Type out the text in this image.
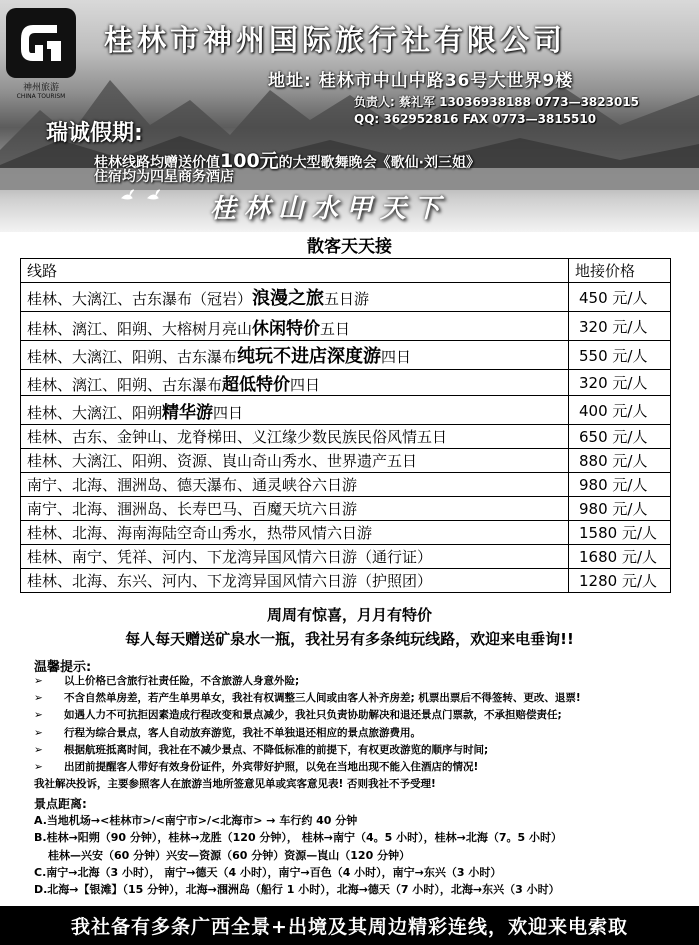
神州旅游
CHINA TOURISM
桂林市神州国际旅行社有限公司
地址: 桂林市中山中路36号大世界9楼
负责人: 蔡礼军 13036938188 0773—3823015
QQ: 362952816 FAX 0773—3815510
瑞诚假期:
桂林线路均赠送价值100元的大型歌舞晚会《歌仙·刘三姐》
住宿均为四星商务酒店
桂林山水甲天下
散客天天接
线路	地接价格
桂林、大漓江、古东瀑布（冠岩）浪漫之旅五日游	450 元/人
桂林、漓江、阳朔、大榕树月亮山休闲特价五日	320 元/人
桂林、大漓江、阳朔、古东瀑布纯玩不进店深度游四日	550 元/人
桂林、漓江、阳朔、古东瀑布超低特价四日	320 元/人
桂林、大漓江、阳朔精华游四日	400 元/人
桂林、古东、金钟山、龙脊梯田、义江缘少数民族民俗风情五日	650 元/人
桂林、大漓江、阳朔、资源、崀山奇山秀水、世界遗产五日	880 元/人
南宁、北海、涠洲岛、德天瀑布、通灵峡谷六日游	980 元/人
南宁、北海、涠洲岛、长寿巴马、百魔天坑六日游	980 元/人
桂林、北海、海南海陆空奇山秀水，热带风情六日游	1580 元/人
桂林、南宁、凭祥、河内、下龙湾异国风情六日游（通行证）	1680 元/人
桂林、北海、东兴、河内、下龙湾异国风情六日游（护照团）	1280 元/人
周周有惊喜，月月有特价
每人每天赠送矿泉水一瓶，我社另有多条纯玩线路，欢迎来电垂询!!
温馨提示:
➢ 以上价格已含旅行社责任险，不含旅游人身意外险;
➢ 不含自然单房差，若产生单男单女，我社有权调整三人间或由客人补齐房差; 机票出票后不得签转、更改、退票!
➢ 如遇人力不可抗拒因素造成行程改变和景点减少，我社只负责协助解决和退还景点门票款，不承担赔偿责任;
➢ 行程为综合景点，客人自动放弃游览，我社不单独退还相应的景点旅游费用。
➢ 根据航班抵离时间，我社在不减少景点、不降低标准的前提下，有权更改游览的顺序与时间;
➢ 出团前提醒客人带好有效身份证件，外宾带好护照，以免在当地出现不能入住酒店的情况!
我社解决投诉，主要参照客人在旅游当地所签意见单或宾客意见表! 否则我社不予受理!
景点距离:
A.当地机场→<桂林市>/<南宁市>/<北海市> → 车行约 40 分钟
B.桂林→阳朔（90 分钟），桂林→龙胜（120 分钟）， 桂林→南宁（4。5 小时），桂林→北海（7。5 小时）
桂林—兴安（60 分钟）兴安—资源（60 分钟）资源—崀山（120 分钟）
C.南宁→北海（3 小时）， 南宁→德天（4 小时），南宁→百色（4 小时），南宁→东兴（3 小时）
D.北海→【银滩】（15 分钟），北海→涠洲岛（船行 1 小时），北海→德天（7 小时），北海→东兴（3 小时）
我社备有多条广西全景+出境及其周边精彩连线，欢迎来电索取
